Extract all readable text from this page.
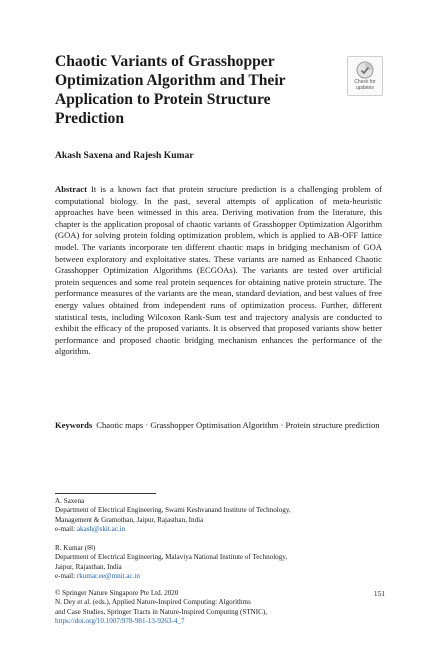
Chaotic Variants of Grasshopper Optimization Algorithm and Their Application to Protein Structure Prediction
Check for
updates
Akash Saxena and Rajesh Kumar

Abstract It is a known fact that protein structure prediction is a challenging problem of computational biology. In the past, several attempts of application of meta-heuristic approaches have been witnessed in this area. Deriving motivation from the literature, this chapter is the application proposal of chaotic variants of Grasshopper Optimization Algorithm (GOA) for solving protein folding optimization problem, which is applied to AB-OFF lattice model. The variants incorporate ten different chaotic maps in bridging mechanism of GOA between exploratory and exploitative states. These variants are named as Enhanced Chaotic Grasshopper Optimization Algorithms (ECGOAs). The variants are tested over artificial protein sequences and some real protein sequences for obtaining native protein structure. The performance measures of the variants are the mean, standard deviation, and best values of free energy values obtained from independent runs of optimization process. Further, different statistical tests, including Wilcoxon Rank-Sum test and trajectory analysis are conducted to exhibit the efficacy of the proposed variants. It is observed that proposed variants show better performance and proposed chaotic bridging mechanism enhances the performance of the algorithm.

Keywords Chaotic maps · Grasshopper Optimisation Algorithm · Protein structure prediction

A. Saxena
Department of Electrical Engineering, Swami Keshvanand Institute of Technology,
Management & Gramothan, Jaipur, Rajasthan, India
e-mail: akash@skit.ac.in
R. Kumar (✉)
Department of Electrical Engineering, Malaviya National Institute of Technology,
Jaipur, Rajasthan, India
e-mail: rkumar.ee@mnit.ac.in
© Springer Nature Singapore Pte Ltd. 2020
N. Dey et al. (eds.), Applied Nature-Inspired Computing: Algorithms
and Case Studies, Springer Tracts in Nature-Inspired Computing (STNIC),
https://doi.org/10.1007/978-981-13-9263-4_7
151
